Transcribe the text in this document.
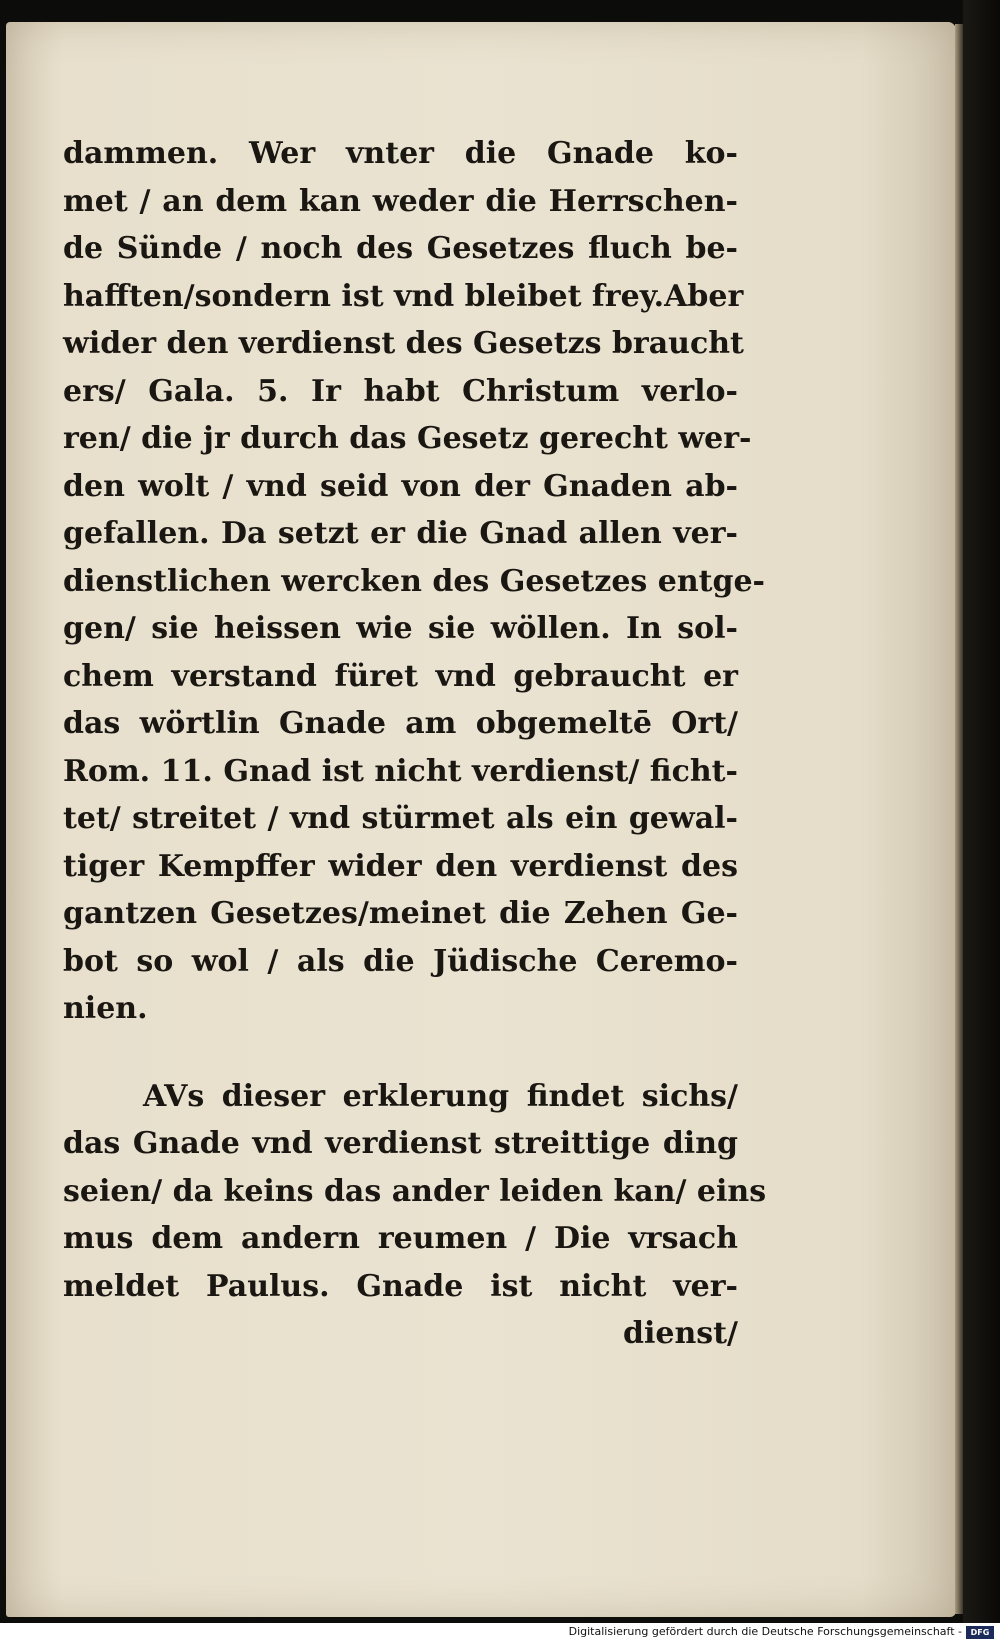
dammen. Wer vnter die Gnade ko-
met / an dem kan weder die Herrschen-
de Sünde / noch des Gesetzes fluch be-
hafften/sondern ist vnd bleibet frey.Aber
wider den verdienst des Gesetzs braucht
ers/ Gala. 5. Ir habt Christum verlo-
ren/ die jr durch das Gesetz gerecht wer-
den wolt / vnd seid von der Gnaden ab-
gefallen. Da setzt er die Gnad allen ver-
dienstlichen wercken des Gesetzes entge-
gen/ sie heissen wie sie wöllen. In sol-
chem verstand füret vnd gebraucht er
das wörtlin Gnade am obgemeltē Ort/
Rom. 11. Gnad ist nicht verdienst/ ficht-
tet/ streitet / vnd stürmet als ein gewal-
tiger Kempffer wider den verdienst des
gantzen Gesetzes/meinet die Zehen Ge-
bot so wol / als die Jüdische Ceremo-
nien.
AVs dieser erklerung findet sichs/
das Gnade vnd verdienst streittige ding
seien/ da keins das ander leiden kan/ eins
mus dem andern reumen / Die vrsach
meldet Paulus. Gnade ist nicht ver-
dienst/
Digitalisierung gefördert durch die Deutsche Forschungsgemeinschaft -	DFG
